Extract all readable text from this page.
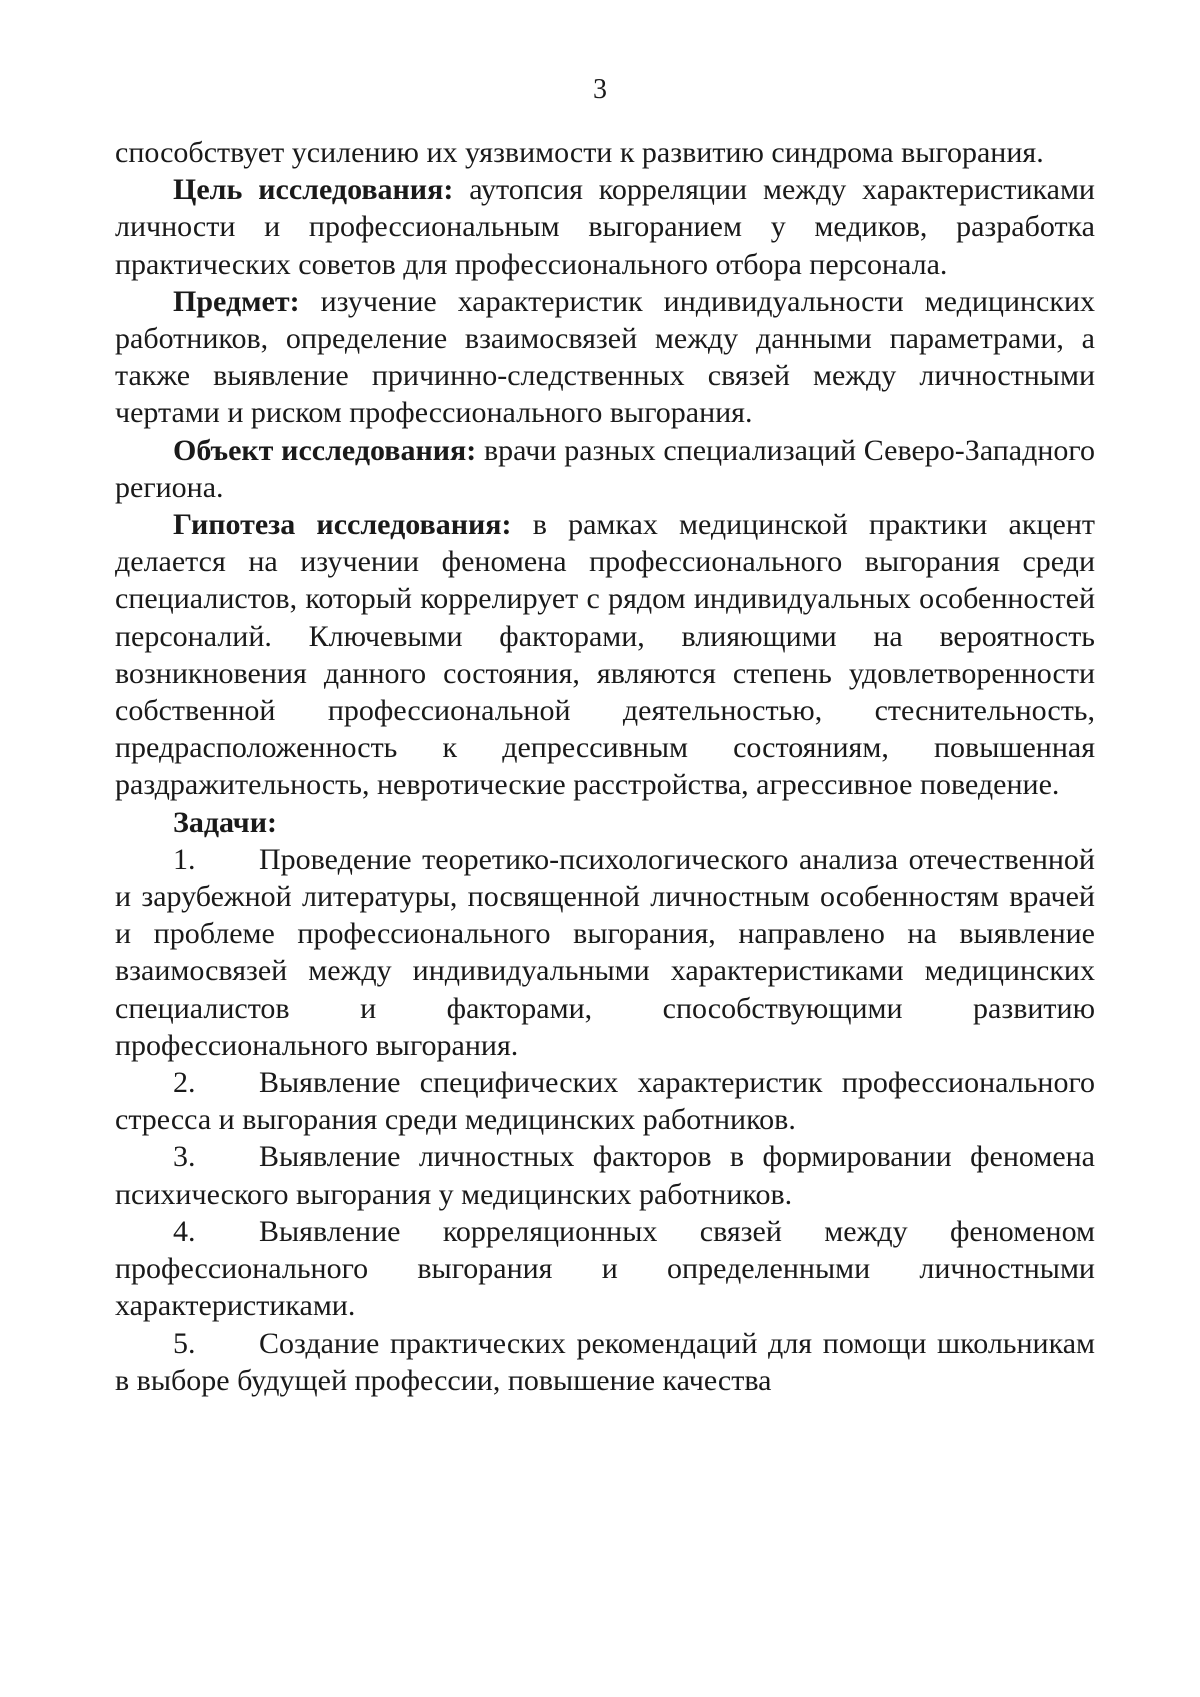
3

способствует усилению их уязвимости к развитию синдрома выгорания.

Цель исследования: аутопсия корреляции между характеристиками личности и профессиональным выгоранием у медиков, разработка практических советов для профессионального отбора персонала.

Предмет: изучение характеристик индивидуальности медицинских работников, определение взаимосвязей между данными параметрами, а также выявление причинно-следственных связей между личностными чертами и риском профессионального выгорания.

Объект исследования: врачи разных специализаций Северо-Западного региона.

Гипотеза исследования: в рамках медицинской практики акцент делается на изучении феномена профессионального выгорания среди специалистов, который коррелирует с рядом индивидуальных особенностей персоналий. Ключевыми факторами, влияющими на вероятность возникновения данного состояния, являются степень удовлетворенности собственной профессиональной деятельностью, стеснительность, предрасположенность к депрессивным состояниям, повышенная раздражительность, невротические расстройства, агрессивное поведение.

Задачи:

1. Проведение теоретико-психологического анализа отечественной и зарубежной литературы, посвященной личностным особенностям врачей и проблеме профессионального выгорания, направлено на выявление взаимосвязей между индивидуальными характеристиками медицинских специалистов и факторами, способствующими развитию профессионального выгорания.

2. Выявление специфических характеристик профессионального стресса и выгорания среди медицинских работников.

3. Выявление личностных факторов в формировании феномена психического выгорания у медицинских работников.

4. Выявление корреляционных связей между феноменом профессионального выгорания и определенными личностными характеристиками.

5. Создание практических рекомендаций для помощи школьникам в выборе будущей профессии, повышение качества
